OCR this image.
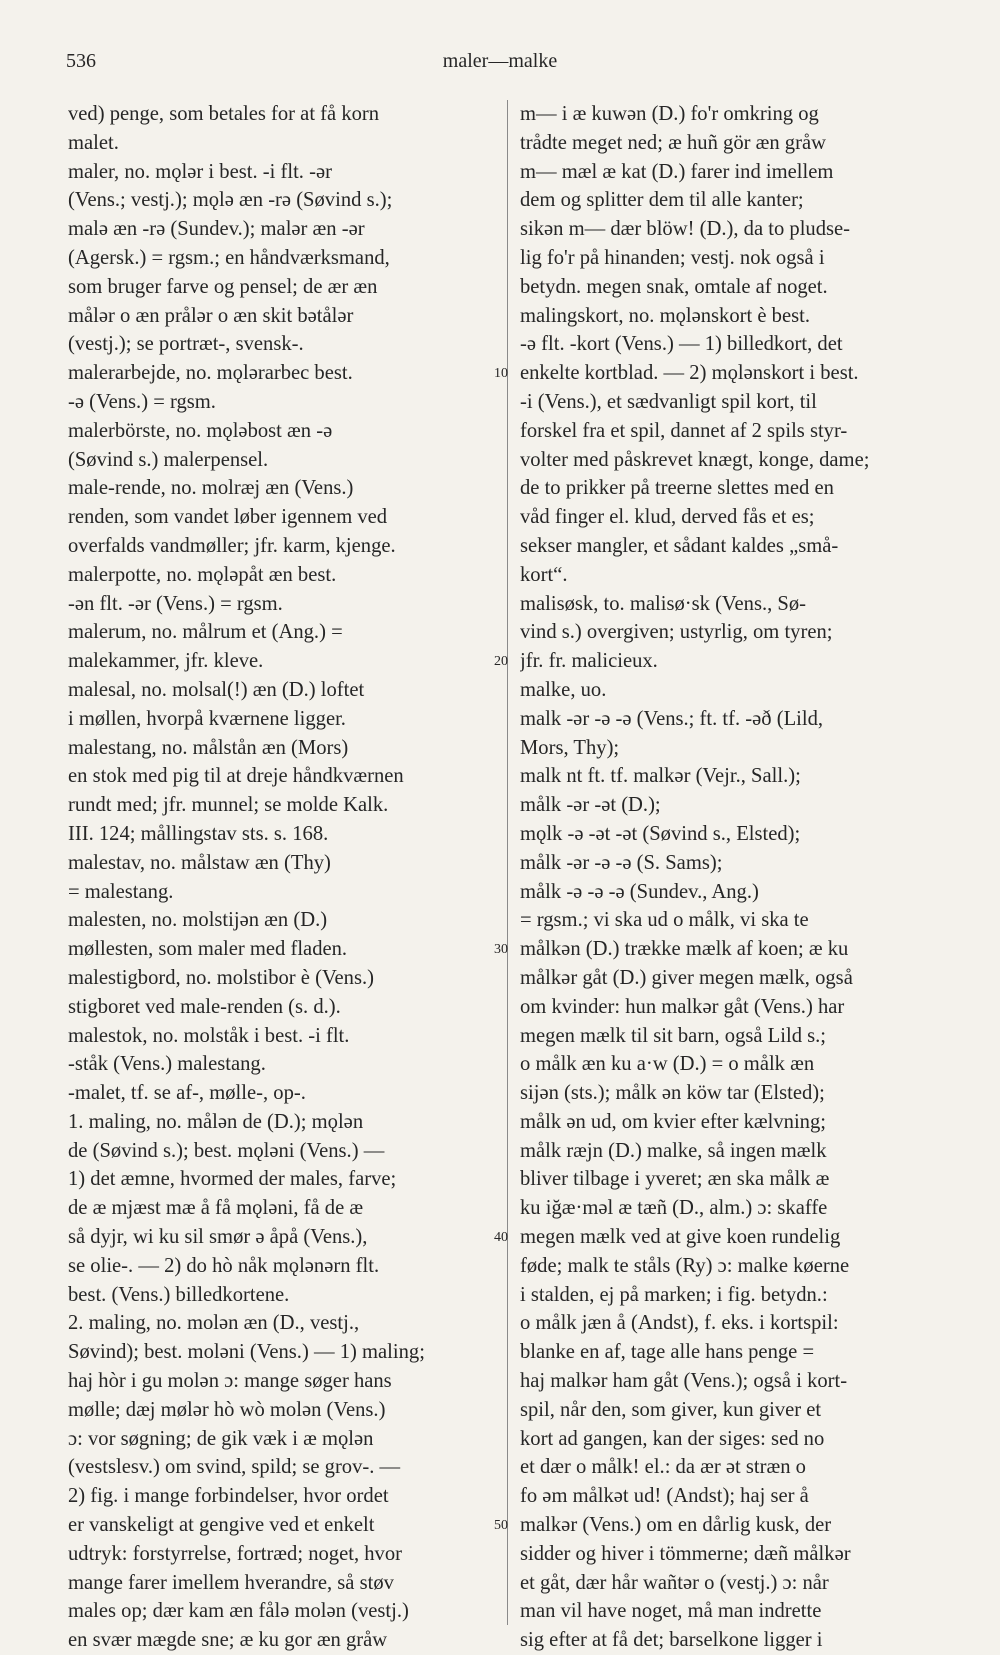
536	maler—malke
ved) penge, som betales for at få korn
malet.
maler, no. mǫlər i best. -i flt. -ər
(Vens.; vestj.); mǫlə æn -rə (Søvind s.);
malə æn -rə (Sundev.); malər æn -ər
(Agersk.) = rgsm.; en håndværksmand,
som bruger farve og pensel; de ær æn
målər o æn prålər o æn skit bətålər
(vestj.); se portræt-, svensk-.
malerarbejde, no. mǫlərarbec best.
-ə (Vens.) = rgsm.
malerbörste, no. mǫləbost æn -ə
(Søvind s.) malerpensel.
male-rende, no. molræj æn (Vens.)
renden, som vandet løber igennem ved
overfalds vandmøller; jfr. karm, kjenge.
malerpotte, no. mǫləpåt æn best.
-ən flt. -ər (Vens.) = rgsm.
malerum, no. målrum et (Ang.) =
malekammer, jfr. kleve.
malesal, no. molsal(!) æn (D.) loftet
i møllen, hvorpå kværnene ligger.
malestang, no. målstån æn (Mors)
en stok med pig til at dreje håndkværnen
rundt med; jfr. munnel; se molde Kalk.
III. 124; mållingstav sts. s. 168.
malestav, no. målstaw æn (Thy)
= malestang.
malesten, no. molstijən æn (D.)
møllesten, som maler med fladen.
malestigbord, no. molstibor è (Vens.)
stigboret ved male-renden (s. d.).
malestok, no. molståk i best. -i flt.
-ståk (Vens.) malestang.
-malet, tf. se af-, mølle-, op-.
1. maling, no. målən de (D.); mǫlən
de (Søvind s.); best. mǫləni (Vens.) —
1) det æmne, hvormed der males, farve;
de æ mjæst mæ å få mǫləni, få de æ
så dyjr, wi ku sil smør ə åpå (Vens.),
se olie-. — 2) do hò nåk mǫlənərn flt.
best. (Vens.) billedkortene.
2. maling, no. molən æn (D., vestj.,
Søvind); best. moləni (Vens.) — 1) maling;
haj hòr i gu molən ɔ: mange søger hans
mølle; dæj mølər hò wò molən (Vens.)
ɔ: vor søgning; de gik væk i æ mǫlən
(vestslesv.) om svind, spild; se grov-. —
2) fig. i mange forbindelser, hvor ordet
er vanskeligt at gengive ved et enkelt
udtryk: forstyrrelse, fortræd; noget, hvor
mange farer imellem hverandre, så støv
males op; dær kam æn fålə molən (vestj.)
en svær mægde sne; æ ku gor æn gråw
10
20
30
40
50
m— i æ kuwən (D.) fo'r omkring og
trådte meget ned; æ huñ gör æn gråw
m— mæl æ kat (D.) farer ind imellem
dem og splitter dem til alle kanter;
sikən m— dær blöw! (D.), da to pludse-
lig fo'r på hinanden; vestj. nok også i
betydn. megen snak, omtale af noget.
malingskort, no. mǫlənskort è best.
-ə flt. -kort (Vens.) — 1) billedkort, det
enkelte kortblad. — 2) mǫlənskort i best.
-i (Vens.), et sædvanligt spil kort, til
forskel fra et spil, dannet af 2 spils styr-
volter med påskrevet knægt, konge, dame;
de to prikker på treerne slettes med en
våd finger el. klud, derved fås et es;
sekser mangler, et sådant kaldes „små-
kort“.
malisøsk, to. malisø·sk (Vens., Sø-
vind s.) overgiven; ustyrlig, om tyren;
jfr. fr. malicieux.
malke, uo.
malk -ər -ə -ə (Vens.; ft. tf. -əð (Lild,
Mors, Thy);
malk nt ft. tf. malkər (Vejr., Sall.);
målk -ər -ət (D.);
mǫlk -ə -ət -ət (Søvind s., Elsted);
målk -ər -ə -ə (S. Sams);
målk -ə -ə -ə (Sundev., Ang.)
= rgsm.; vi ska ud o målk, vi ska te
målkən (D.) trække mælk af koen; æ ku
målkər gåt (D.) giver megen mælk, også
om kvinder: hun malkər gåt (Vens.) har
megen mælk til sit barn, også Lild s.;
o målk æn ku a·w (D.) = o målk æn
sijən (sts.); målk ən köw tar (Elsted);
målk ən ud, om kvier efter kælvning;
målk ræjn (D.) malke, så ingen mælk
bliver tilbage i yveret; æn ska målk æ
ku iğæ·məl æ tæñ (D., alm.) ɔ: skaffe
megen mælk ved at give koen rundelig
føde; malk te ståls (Ry) ɔ: malke køerne
i stalden, ej på marken; i fig. betydn.:
o målk jæn å (Andst), f. eks. i kortspil:
blanke en af, tage alle hans penge =
haj malkər ham gåt (Vens.); også i kort-
spil, når den, som giver, kun giver et
kort ad gangen, kan der siges: sed no
et dær o målk! el.: da ær ət stræn o
fo əm målkət ud! (Andst); haj ser å
malkər (Vens.) om en dårlig kusk, der
sidder og hiver i tömmerne; dæñ målkər
et gåt, dær hår wañtər o (vestj.) ɔ: når
man vil have noget, må man indrette
sig efter at få det; barselkone ligger i
